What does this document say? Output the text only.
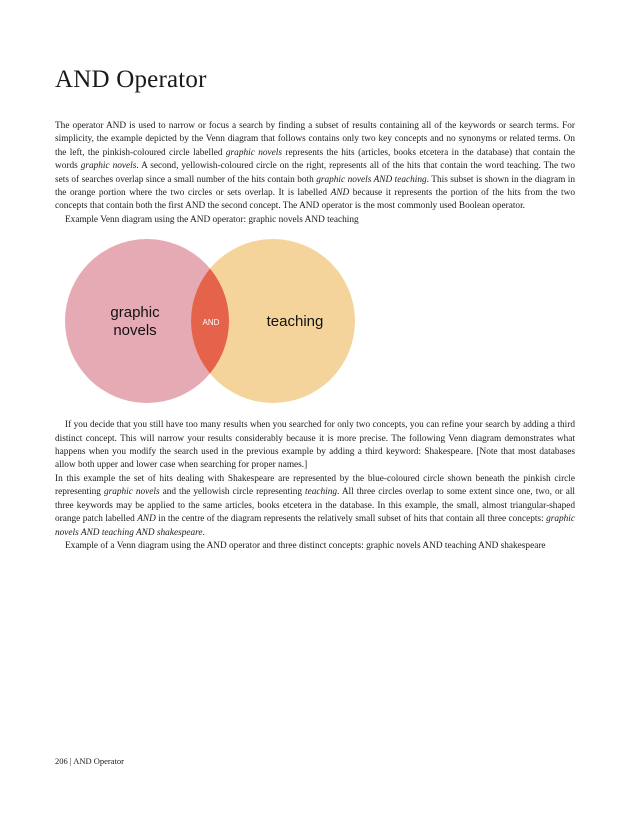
AND Operator

The operator AND is used to narrow or focus a search by finding a subset of results containing all of the keywords or search terms. For simplicity, the example depicted by the Venn diagram that follows contains only two key concepts and no synonyms or related terms. On the left, the pinkish-coloured circle labelled graphic novels represents the hits (articles, books etcetera in the database) that contain the words graphic novels. A second, yellowish-coloured circle on the right, represents all of the hits that contain the word teaching. The two sets of searches overlap since a small number of the hits contain both graphic novels AND teaching. This subset is shown in the diagram in the orange portion where the two circles or sets overlap. It is labelled AND because it represents the portion of the hits from the two concepts that contain both the first AND the second concept. The AND operator is the most commonly used Boolean operator.

Example Venn diagram using the AND operator: graphic novels AND teaching

graphic
novels
teaching
AND

If you decide that you still have too many results when you searched for only two concepts, you can refine your search by adding a third distinct concept. This will narrow your results considerably because it is more precise. The following Venn diagram demonstrates what happens when you modify the search used in the previous example by adding a third keyword: Shakespeare. [Note that most databases allow both upper and lower case when searching for proper names.]

In this example the set of hits dealing with Shakespeare are represented by the blue-coloured circle shown beneath the pinkish circle representing graphic novels and the yellowish circle representing teaching. All three circles overlap to some extent since one, two, or all three keywords may be applied to the same articles, books etcetera in the database. In this example, the small, almost triangular-shaped orange patch labelled AND in the centre of the diagram represents the relatively small subset of hits that contain all three concepts: graphic novels AND teaching AND shakespeare.

Example of a Venn diagram using the AND operator and three distinct concepts: graphic novels AND teaching AND shakespeare

206 | AND Operator
